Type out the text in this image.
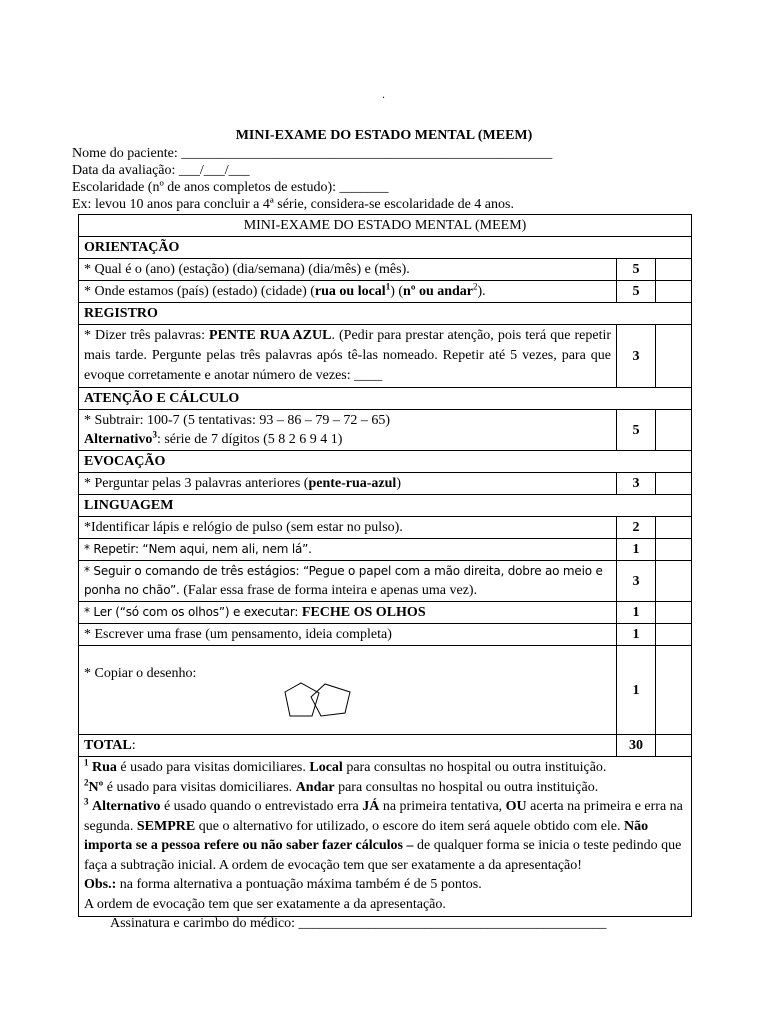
.
MINI-EXAME DO ESTADO MENTAL (MEEM)
Nome do paciente: _____________________________________________________
Data da avaliação: ___/___/___
Escolaridade (nº de anos completos de estudo): _______
Ex: levou 10 anos para concluir a 4ª série, considera-se escolaridade de 4 anos.
MINI-EXAME DO ESTADO MENTAL (MEEM)		
ORIENTAÇÃO		
* Qual é o (ano) (estação) (dia/semana) (dia/mês) e (mês).	5	
* Onde estamos (país) (estado) (cidade) (rua ou local$^1$) (nº ou andar$^2$).	5	
REGISTRO		
* Dizer três palavras: PENTE RUA AZUL. (Pedir para prestar atenção, pois terá que repetir mais tarde. Pergunte pelas três palavras após tê-las nomeado. Repetir até 5 vezes, para que evoque corretamente e anotar número de vezes: ____	3	
ATENÇÃO E CÁLCULO		
* Subtrair: 100-7 (5 tentativas: 93 – 86 – 79 – 72 – 65)
Alternativo$^3$: série de 7 dígitos (5 8 2 6 9 4 1)	5	
EVOCAÇÃO		
* Perguntar pelas 3 palavras anteriores (pente-rua-azul)	3	
LINGUAGEM		
*Identificar lápis e relógio de pulso (sem estar no pulso).	2	
* Repetir: “Nem aqui, nem ali, nem lá”.	1	
* Seguir o comando de três estágios: “Pegue o papel com a mão direita, dobre ao meio e ponha no chão”. (Falar essa frase de forma inteira e apenas uma vez).	3	
* Ler (“só com os olhos”) e executar: FECHE OS OLHOS	1	
* Escrever uma frase (um pensamento, ideia completa)	1	
* Copiar o desenho:	1	
TOTAL:	30	

$^1$ Rua é usado para visitas domiciliares. Local para consultas no hospital ou outra instituição.
$^2$Nº é usado para visitas domiciliares. Andar para consultas no hospital ou outra instituição.
$^3$ Alternativo é usado quando o entrevistado erra JÁ na primeira tentativa, OU acerta na primeira e erra na segunda. SEMPRE que o alternativo for utilizado, o escore do item será aquele obtido com ele. Não importa se a pessoa refere ou não saber fazer cálculos – de qualquer forma se inicia o teste pedindo que faça a subtração inicial. A ordem de evocação tem que ser exatamente a da apresentação!
Obs.: na forma alternativa a pontuação máxima também é de 5 pontos.
A ordem de evocação tem que ser exatamente a da apresentação.		
Assinatura e carimbo do médico: ____________________________________________
